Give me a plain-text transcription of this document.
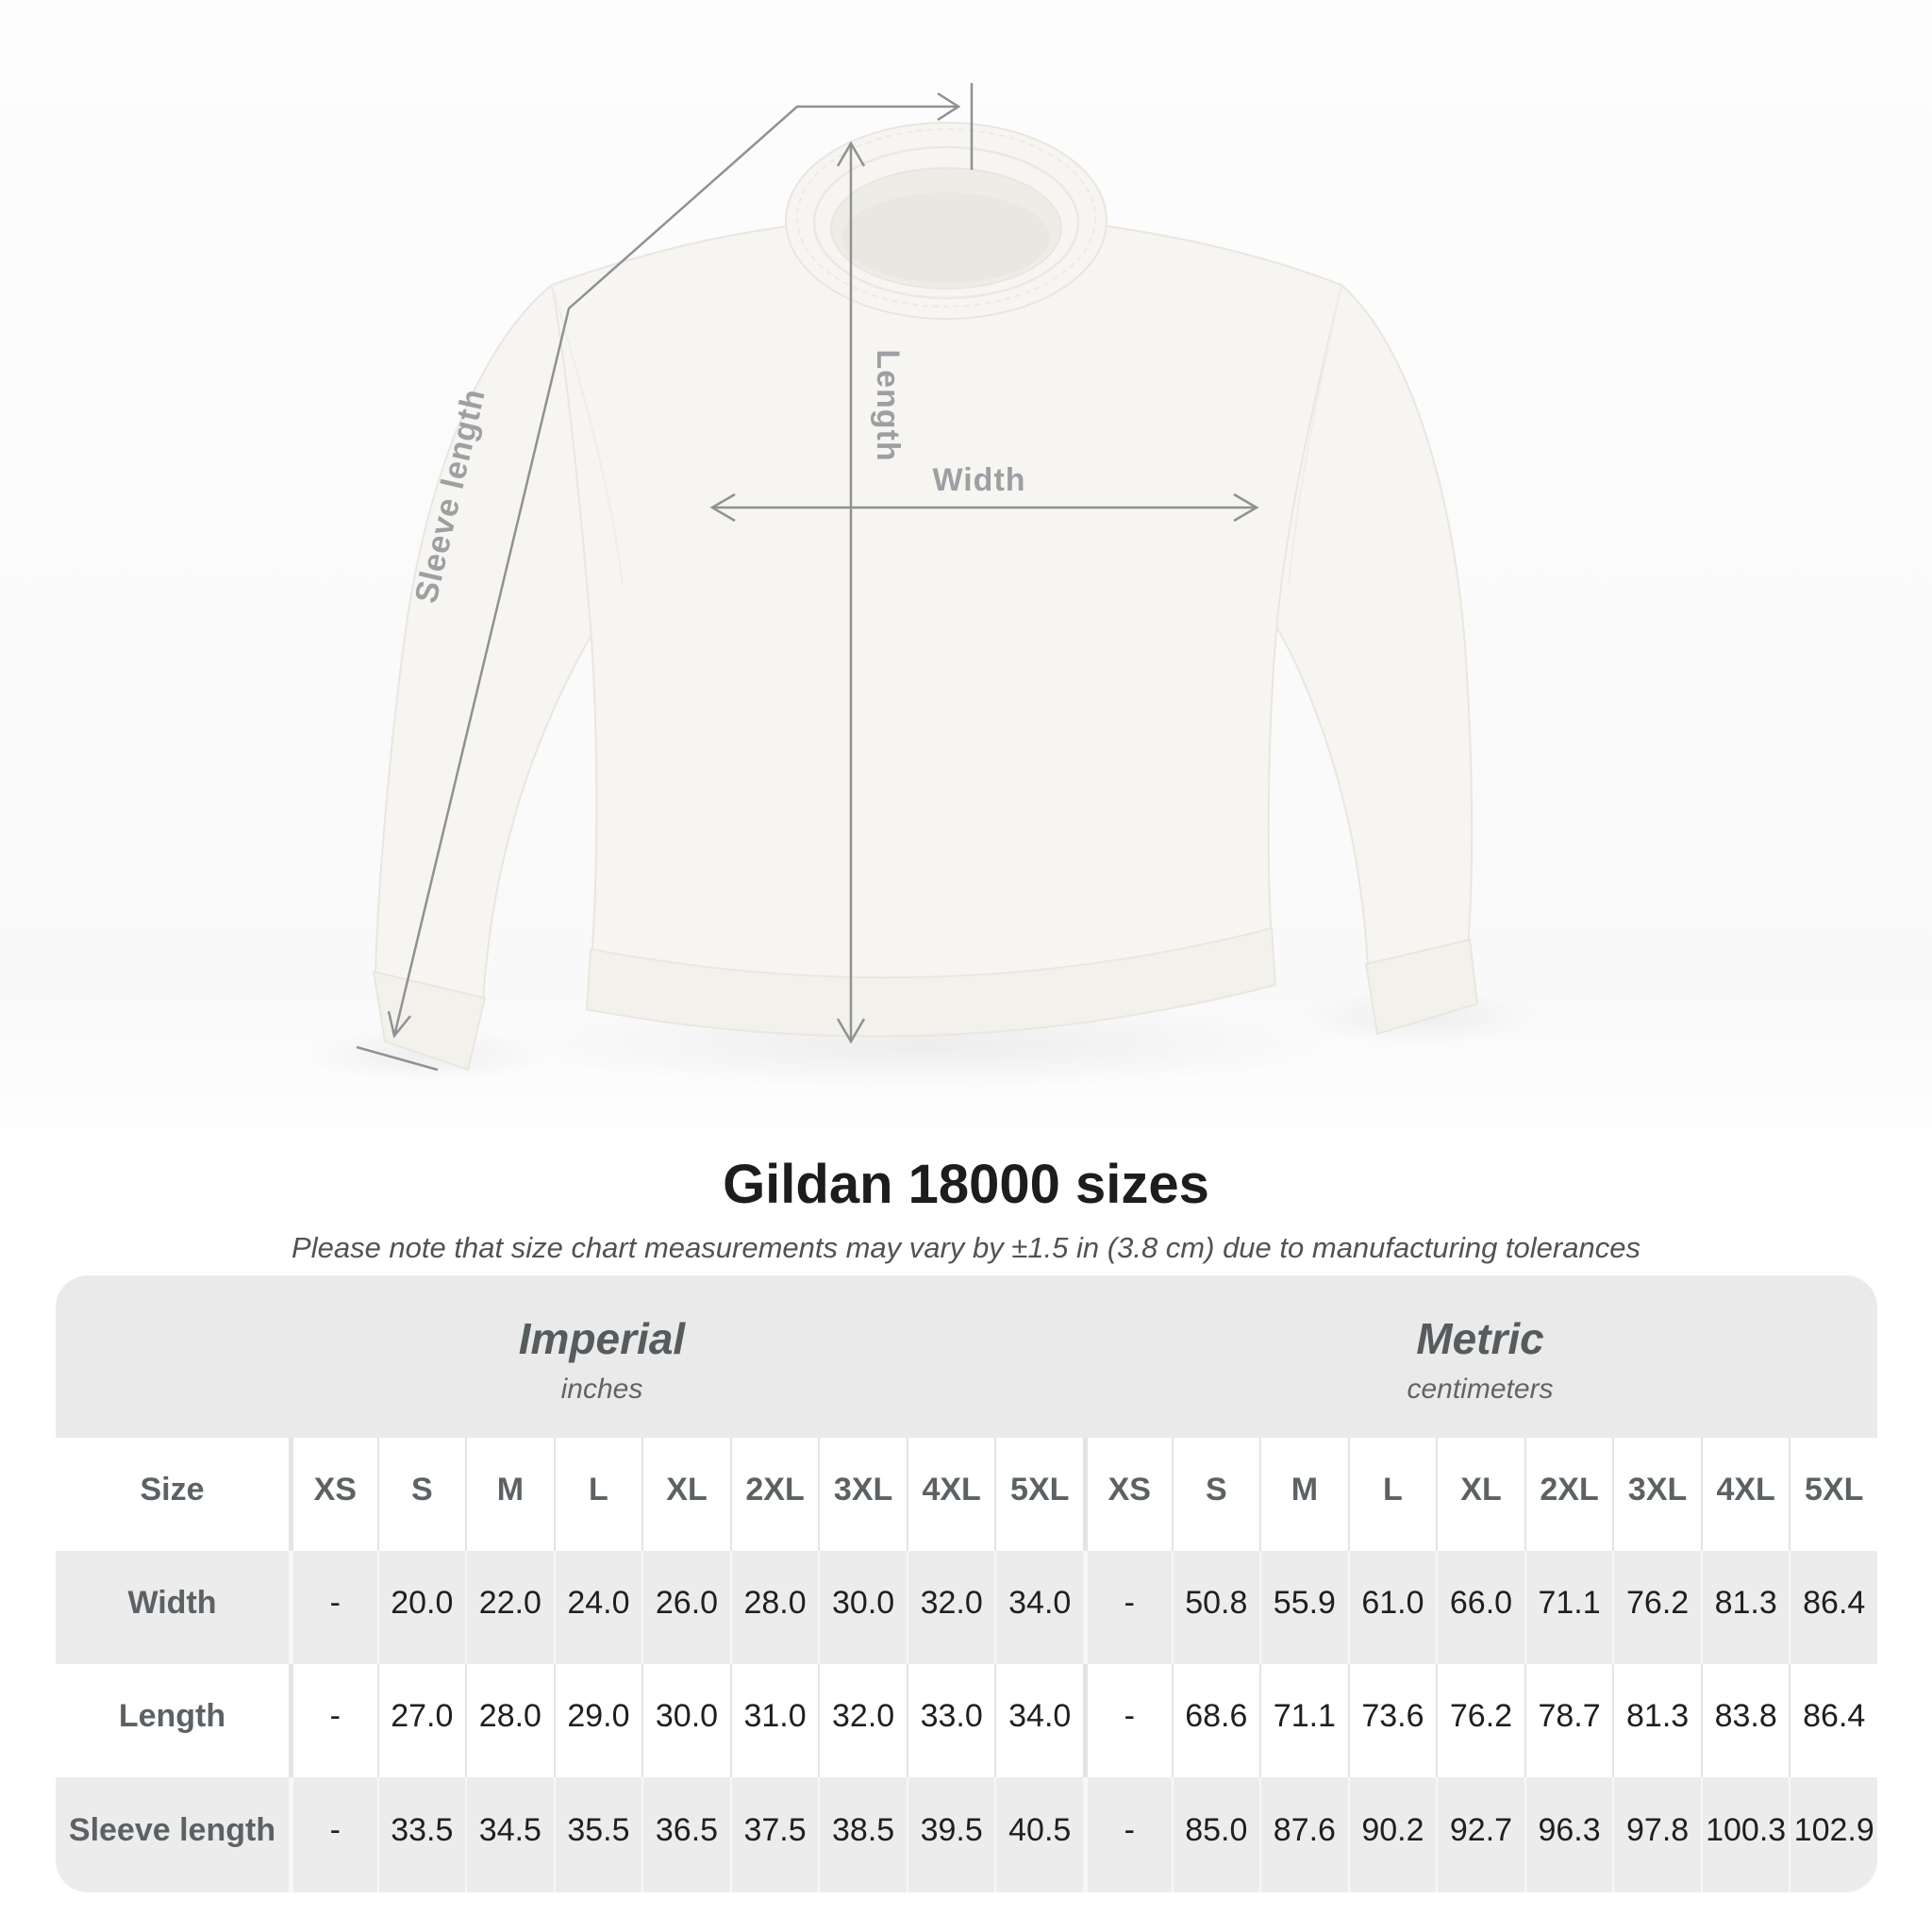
Length
Width
Sleeve length
Gildan 18000 sizes
Please note that size chart measurements may vary by ±1.5 in (3.8 cm) due to manufacturing tolerances
Imperial
inches
Metric
centimeters
Size	XS	S	M	L	XL	2XL 3XL 4XL 5XL	XS	S	M	L	XL	2XL 3XL 4XL 5XL
Width	-	20.0 22.0 24.0 26.0 28.0 30.0 32.0 34.0	-	50.8 55.9 61.0 66.0 71.1 76.2 81.3 86.4
Length	-	27.0 28.0 29.0 30.0 31.0 32.0 33.0 34.0	-	68.6 71.1 73.6 76.2 78.7 81.3 83.8 86.4
Sleeve length	-	33.5 34.5 35.5 36.5 37.5 38.5 39.5 40.5	-	85.0 87.6 90.2 92.7 96.3 97.8 100.3 102.9
